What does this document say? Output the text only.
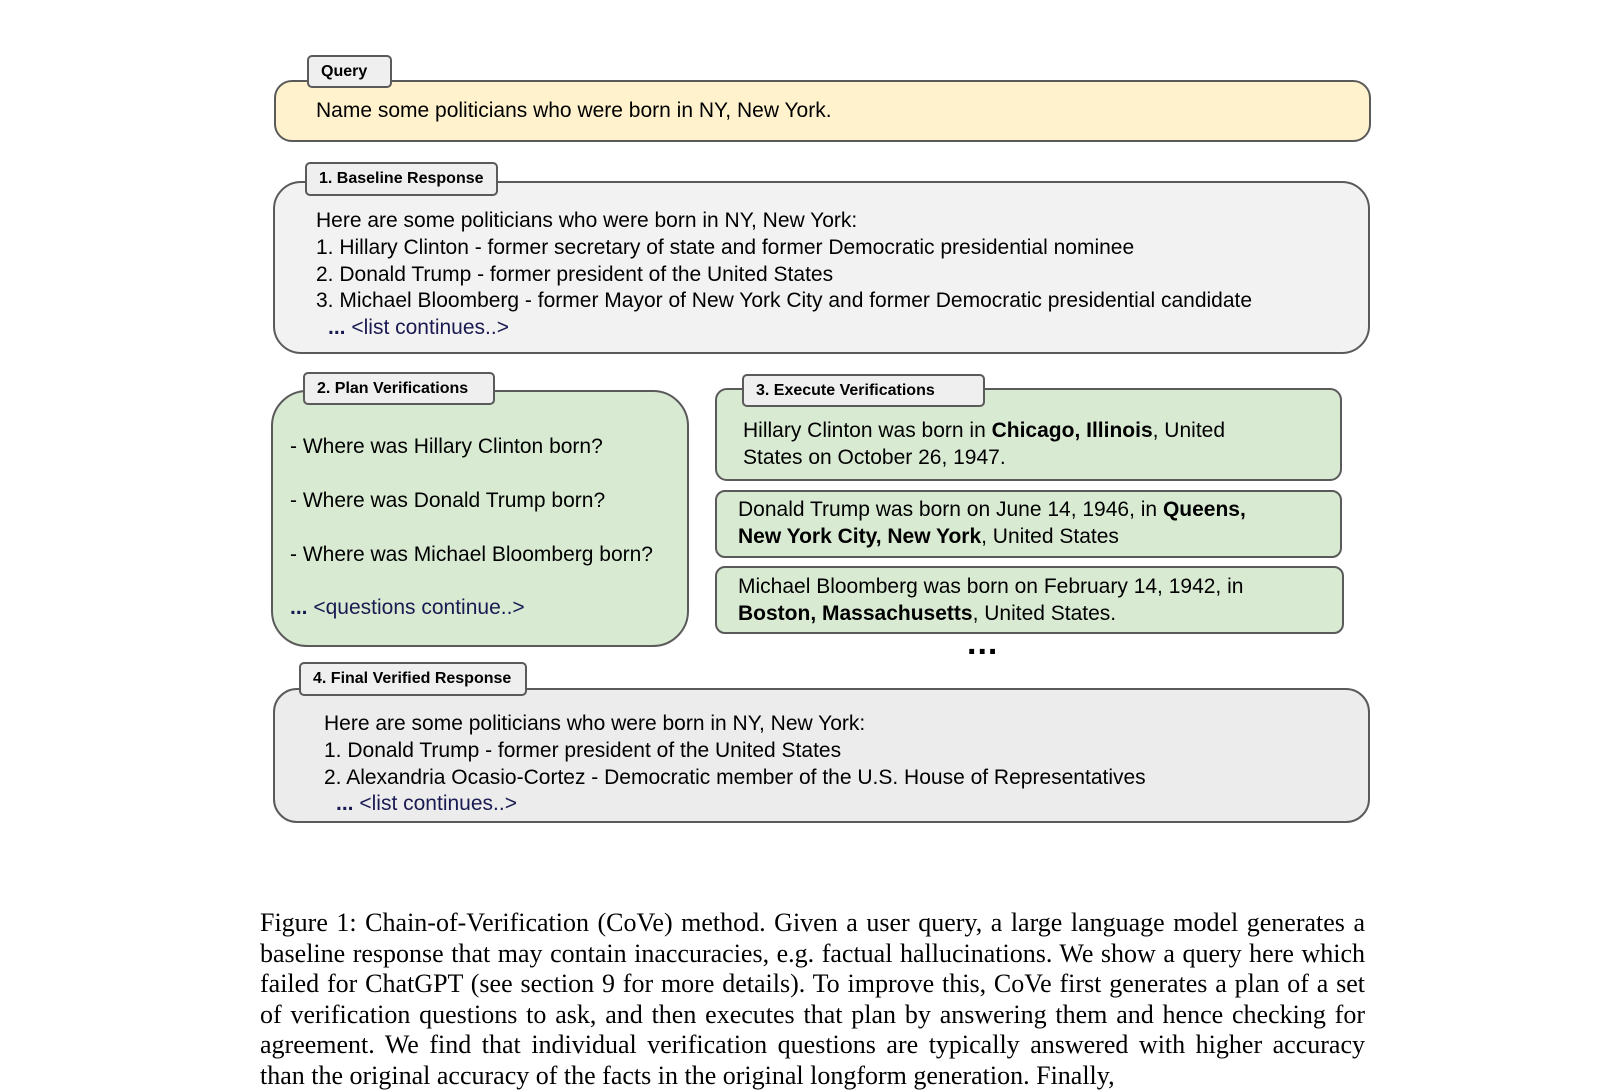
Name some politicians who were born in NY, New York.
Query
Here are some politicians who were born in NY, New York:
1. Hillary Clinton - former secretary of state and former Democratic presidential nominee
2. Donald Trump - former president of the United States
3. Michael Bloomberg - former Mayor of New York City and former Democratic presidential candidate
... <list continues..>
1. Baseline Response
- Where was Hillary Clinton born?
- Where was Donald Trump born?
- Where was Michael Bloomberg born?
... <questions continue..>
2. Plan Verifications
Hillary Clinton was born in Chicago, Illinois, United
States on October 26, 1947.
3. Execute Verifications
Donald Trump was born on June 14, 1946, in Queens,
New York City, New York, United States
Michael Bloomberg was born on February 14, 1942, in
Boston, Massachusetts, United States.
...
Here are some politicians who were born in NY, New York:
1. Donald Trump - former president of the United States
2. Alexandria Ocasio-Cortez - Democratic member of the U.S. House of Representatives
... <list continues..>
4. Final Verified Response

Figure 1: Chain-of-Verification (CoVe) method. Given a user query, a large language model generates a baseline response that may contain inaccuracies, e.g. factual hallucinations. We show a query here which failed for ChatGPT (see section 9 for more details). To improve this, CoVe first generates a plan of a set of verification questions to ask, and then executes that plan by answering them and hence checking for agreement. We find that individual verification questions are typically answered with higher accuracy than the original accuracy of the facts in the original longform generation. Finally,
